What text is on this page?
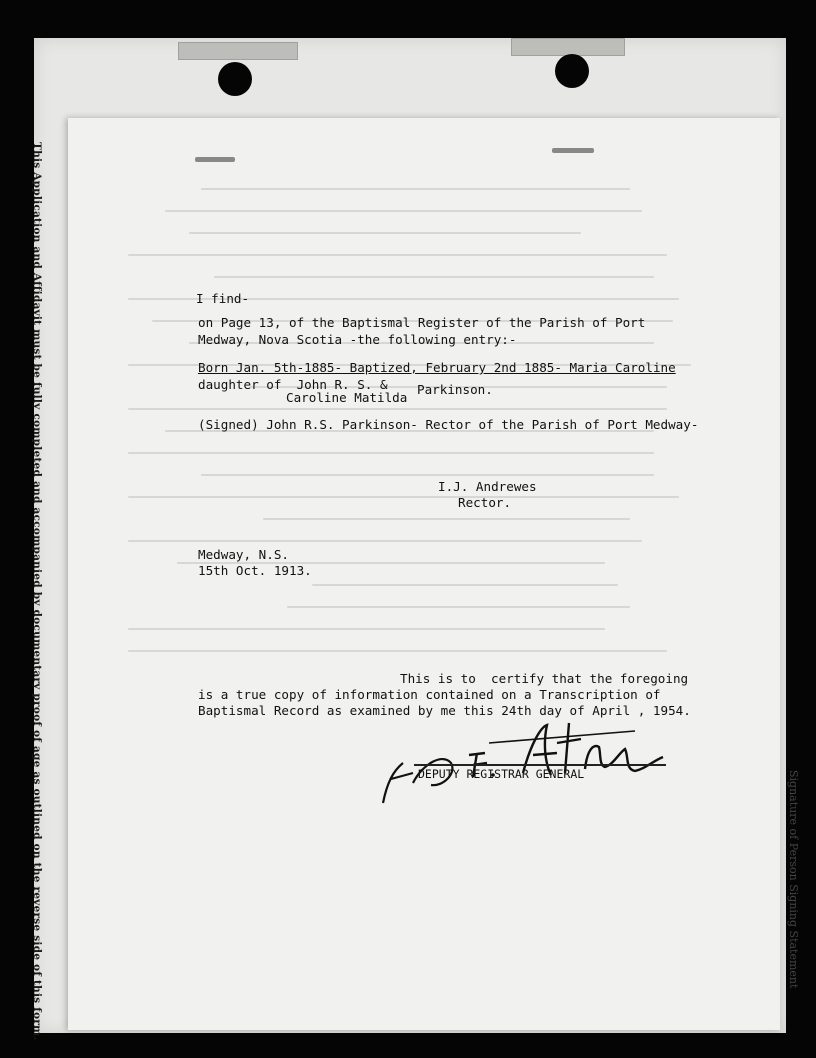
This Application and Affidavit must be fully completed and accompanied by documentary proof of age as outlined on the reverse side of this form.	Signature of Person Signing Statement
I find-
on Page 13, of the Baptismal Register of the Parish of Port
Medway, Nova Scotia -the following entry:-
Born Jan. 5th-1885- Baptized, February 2nd 1885- Maria Caroline
daughter of  John R. S. &
Caroline Matilda
Parkinson.
(Signed) John R.S. Parkinson- Rector of the Parish of Port Medway-
I.J. Andrewes
Rector.
Medway, N.S.
15th Oct. 1913.
This is to  certify that the foregoing
is a true copy of information contained on a Transcription of
Baptismal Record as examined by me this 24th day of April , 1954.
DEPUTY REGISTRAR GENERAL
